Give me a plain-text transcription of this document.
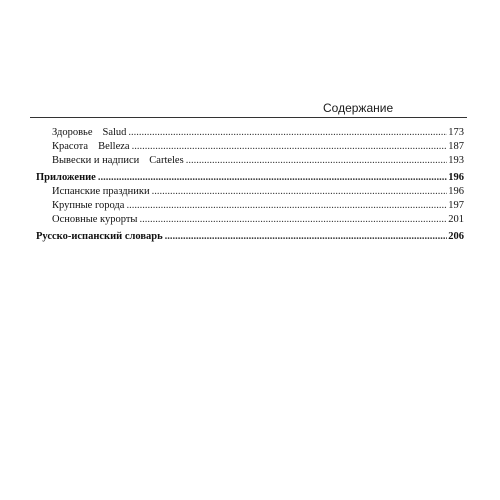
Содержание
Здоровье Salud .....	173
Красота Belleza .....	187
Вывески и надписи Carteles .....	193
Приложение .....	196
Испанские праздники .....	196
Крупные города .....	197
Основные курорты .....	201
Русско-испанский словарь .....	206
